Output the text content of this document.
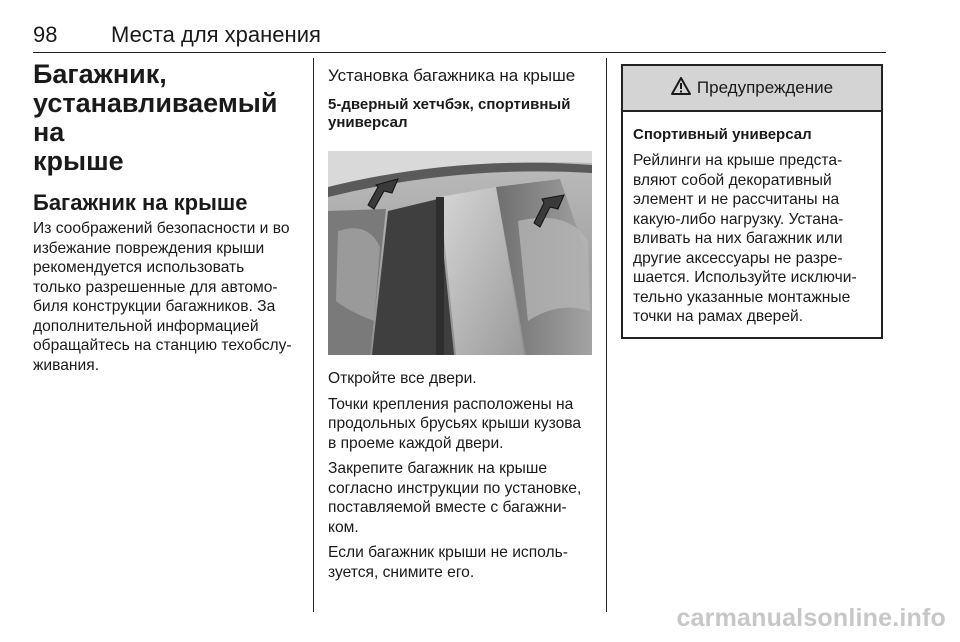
98 Места для хранения
Багажник,
устанавливаемый на
крыше
Багажник на крыше
Из соображений безопасности и во
избежание повреждения крыши
рекомендуется использовать
только разрешенные для автомо-
биля конструкции багажников. За
дополнительной информацией
обращайтесь на станцию техобслу-
живания.
Установка багажника на крыше
5-дверный хетчбэк, спортивный
универсал
Откройте все двери.
Точки крепления расположены на
продольных брусьях крыши кузова
в проеме каждой двери.
Закрепите багажник на крыше
согласно инструкции по установке,
поставляемой вместе с багажни-
ком.
Если багажник крыши не исполь-
зуется, снимите его.
Предупреждение
Спортивный универсал
Рейлинги на крыше предста-
вляют собой декоративный
элемент и не рассчитаны на
какую-либо нагрузку. Устана-
вливать на них багажник или
другие аксессуары не разре-
шается. Используйте исключи-
тельно указанные монтажные
точки на рамах дверей.
carmanualsonline.info
